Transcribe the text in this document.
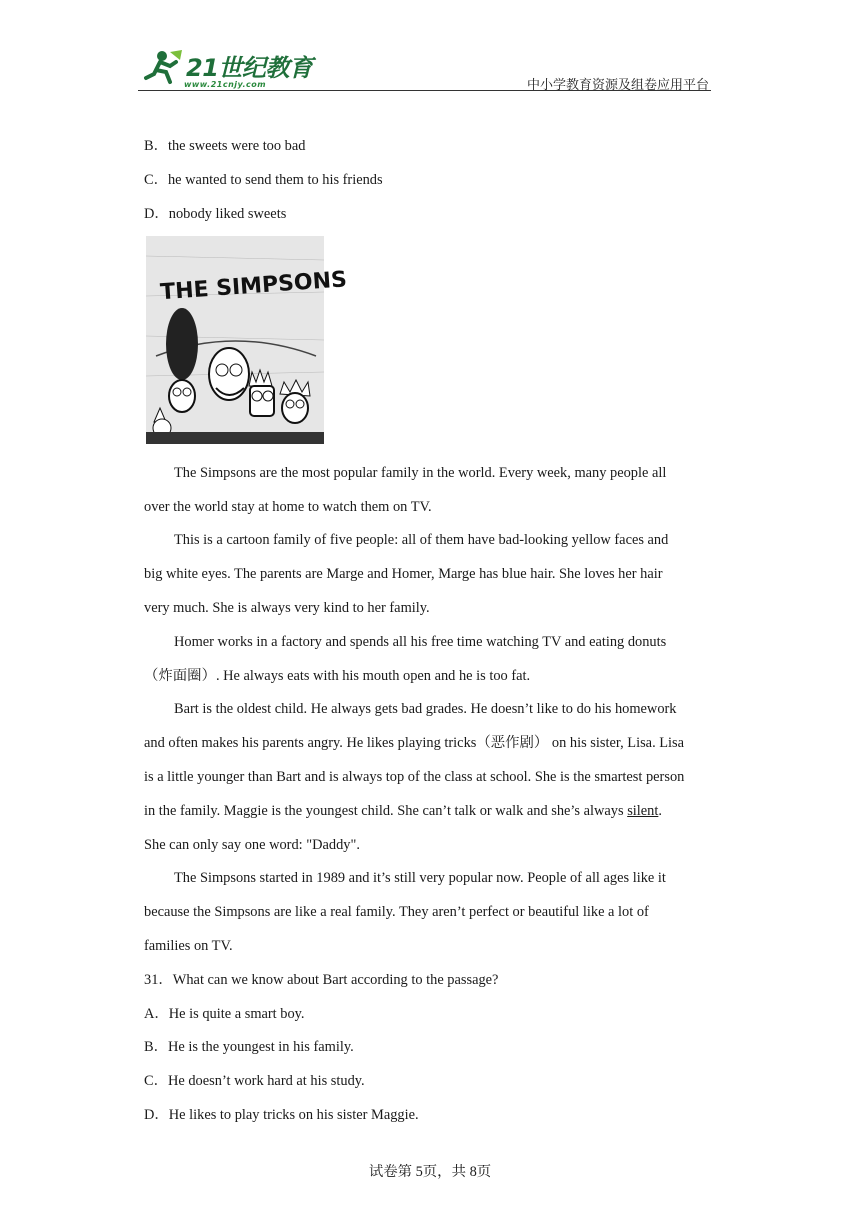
21世纪教育
www.21cnjy.com	中小学教育资源及组卷应用平台
B．the sweets were too bad
C．he wanted to send them to his friends
D．nobody liked sweets
THE SIMPSONS
The Simpsons are the most popular family in the world. Every week, many people all
over the world stay at home to watch them on TV.
This is a cartoon family of five people: all of them have bad-looking yellow faces and
big white eyes. The parents are Marge and Homer, Marge has blue hair. She loves her hair
very much. She is always very kind to her family.
Homer works in a factory and spends all his free time watching TV and eating donuts
（炸面圈）. He always eats with his mouth open and he is too fat.
Bart is the oldest child. He always gets bad grades. He doesn’t like to do his homework
and often makes his parents angry. He likes playing tricks（恶作剧） on his sister, Lisa. Lisa
is a little younger than Bart and is always top of the class at school. She is the smartest person
in the family. Maggie is the youngest child. She can’t talk or walk and she’s always silent.
She can only say one word: "Daddy".
The Simpsons started in 1989 and it’s still very popular now. People of all ages like it
because the Simpsons are like a real family. They aren’t perfect or beautiful like a lot of
families on TV.
31．What can we know about Bart according to the passage?
A．He is quite a smart boy.
B．He is the youngest in his family.
C．He doesn’t work hard at his study.
D．He likes to play tricks on his sister Maggie.
试卷第 5页，共 8页
